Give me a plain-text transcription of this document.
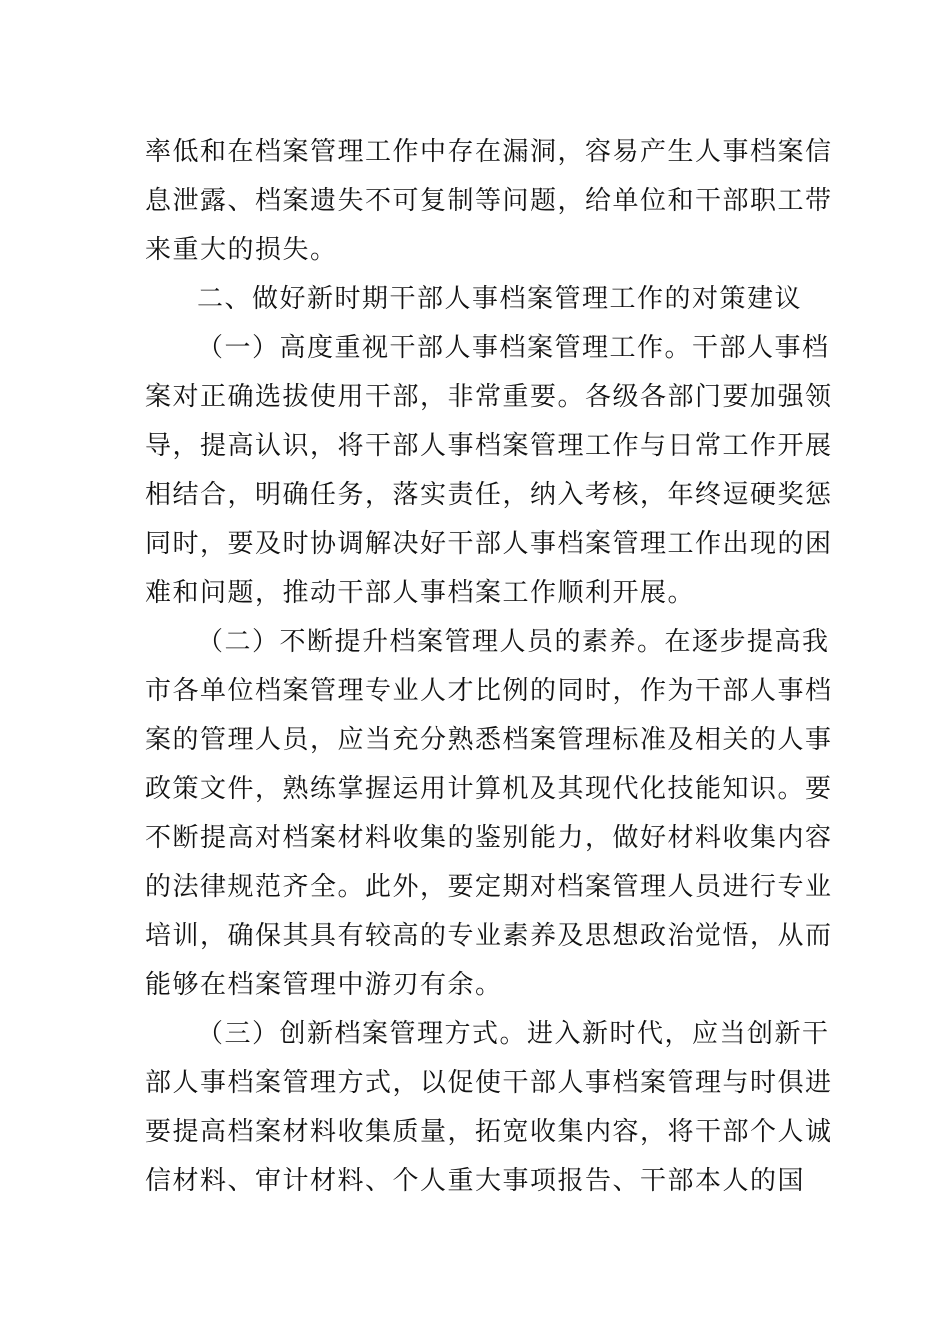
率低和在档案管理工作中存在漏洞，容易产生人事档案信
息泄露、档案遗失不可复制等问题，给单位和干部职工带
来重大的损失。
二、做好新时期干部人事档案管理工作的对策建议
（一）高度重视干部人事档案管理工作。干部人事档
案对正确选拔使用干部，非常重要。各级各部门要加强领
导，提高认识，将干部人事档案管理工作与日常工作开展
相结合，明确任务，落实责任，纳入考核，年终逗硬奖惩
同时，要及时协调解决好干部人事档案管理工作出现的困
难和问题，推动干部人事档案工作顺利开展。
（二）不断提升档案管理人员的素养。在逐步提高我
市各单位档案管理专业人才比例的同时，作为干部人事档
案的管理人员，应当充分熟悉档案管理标准及相关的人事
政策文件，熟练掌握运用计算机及其现代化技能知识。要
不断提高对档案材料收集的鉴别能力，做好材料收集内容
的法律规范齐全。此外，要定期对档案管理人员进行专业
培训，确保其具有较高的专业素养及思想政治觉悟，从而
能够在档案管理中游刃有余。
（三）创新档案管理方式。进入新时代，应当创新干
部人事档案管理方式，以促使干部人事档案管理与时俱进
要提高档案材料收集质量，拓宽收集内容，将干部个人诚
信材料、审计材料、个人重大事项报告、干部本人的国
